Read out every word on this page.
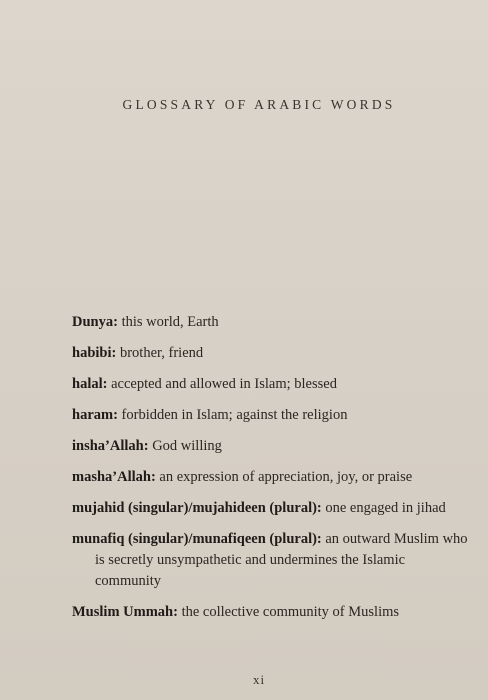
GLOSSARY OF ARABIC WORDS

Dunya: this world, Earth

habibi: brother, friend

halal: accepted and allowed in Islam; blessed

haram: forbidden in Islam; against the religion

insha’Allah: God willing

masha’Allah: an expression of appreciation, joy, or praise

mujahid (singular)/mujahideen (plural): one engaged in jihad

munafiq (singular)/munafiqeen (plural): an outward Muslim who is secretly unsympathetic and undermines the Islamic community

Muslim Ummah: the collective community of Muslims

xi
